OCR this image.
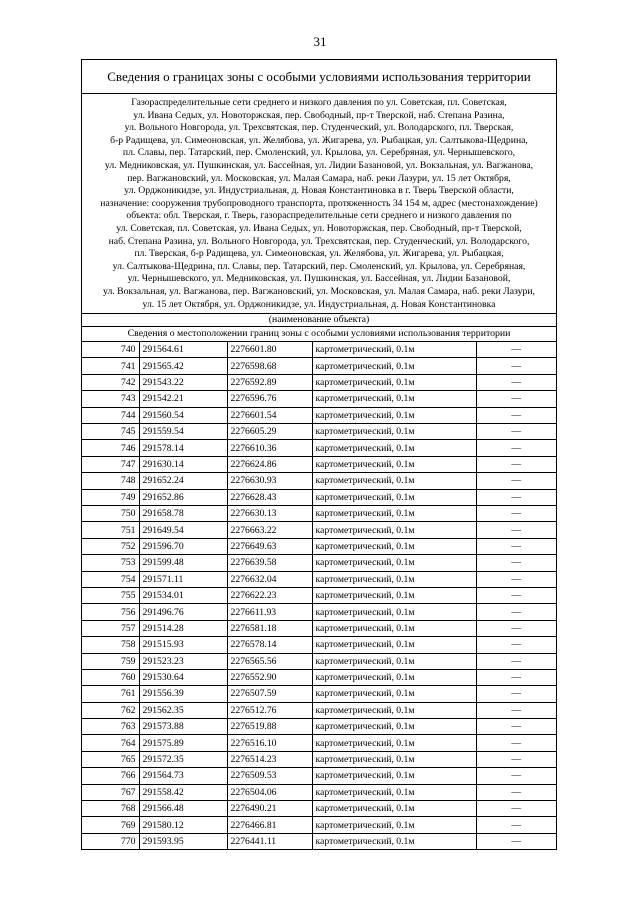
31
Сведения о границах зоны с особыми условиями использования территории
Газораспределительные сети среднего и низкого давления по ул. Советская, пл. Советская,
ул. Ивана Седых, ул. Новоторжская, пер. Свободный, пр-т Тверской, наб. Степана Разина,
ул. Вольного Новгорода, ул. Трехсвятская, пер. Студенческий, ул. Володарского, пл. Тверская,
б-р Радищева, ул. Симеоновская, ул. Желябова, ул. Жигарева, ул. Рыбацкая, ул. Салтыкова-Щедрина,
пл. Славы, пер. Татарский, пер. Смоленский, ул. Крылова, ул. Серебряная, ул. Чернышевского,
ул. Медниковская, ул. Пушкинская, ул. Бассейная, ул. Лидии Базановой, ул. Вокзальная, ул. Вагжанова,
пер. Вагжановский, ул. Московская, ул. Малая Самара, наб. реки Лазури, ул. 15 лет Октября,
ул. Орджоникидзе, ул. Индустриальная, д. Новая Константиновка в г. Тверь Тверской области,
назначение: сооружения трубопроводного транспорта, протяженность 34 154 м, адрес (местонахождение)
объекта: обл. Тверская, г. Тверь, газораспределительные сети среднего и низкого давления по
ул. Советская, пл. Советская, ул. Ивана Седых, ул. Новоторжская, пер. Свободный, пр-т Тверской,
наб. Степана Разина, ул. Вольного Новгорода, ул. Трехсвятская, пер. Студенческий, ул. Володарского,
пл. Тверская, б-р Радищева, ул. Симеоновская, ул. Желябова, ул. Жигарева, ул. Рыбацкая,
ул. Салтыкова-Щедрина, пл. Славы, пер. Татарский, пер. Смоленский, ул. Крылова, ул. Серебряная,
ул. Чернышевского, ул. Медниковская, ул. Пушкинская, ул. Бассейная, ул. Лидии Базановой,
ул. Вокзальная, ул. Вагжанова, пер. Вагжановский, ул. Московская, ул. Малая Самара, наб. реки Лазури,
ул. 15 лет Октября, ул. Орджоникидзе, ул. Индустриальная, д. Новая Константиновка
(наименование объекта)
Сведения о местоположении границ зоны с особыми условиями использования территории
740	291564.61	2276601.80	картометрический, 0.1м	—
741	291565.42	2276598.68	картометрический, 0.1м	—
742	291543.22	2276592.89	картометрический, 0.1м	—
743	291542.21	2276596.76	картометрический, 0.1м	—
744	291560.54	2276601.54	картометрический, 0.1м	—
745	291559.54	2276605.29	картометрический, 0.1м	—
746	291578.14	2276610.36	картометрический, 0.1м	—
747	291630.14	2276624.86	картометрический, 0.1м	—
748	291652.24	2276630.93	картометрический, 0.1м	—
749	291652.86	2276628.43	картометрический, 0.1м	—
750	291658.78	2276630.13	картометрический, 0.1м	—
751	291649.54	2276663.22	картометрический, 0.1м	—
752	291596.70	2276649.63	картометрический, 0.1м	—
753	291599.48	2276639.58	картометрический, 0.1м	—
754	291571.11	2276632.04	картометрический, 0.1м	—
755	291534.01	2276622.23	картометрический, 0.1м	—
756	291496.76	2276611.93	картометрический, 0.1м	—
757	291514.28	2276581.18	картометрический, 0.1м	—
758	291515.93	2276578.14	картометрический, 0.1м	—
759	291523.23	2276565.56	картометрический, 0.1м	—
760	291530.64	2276552.90	картометрический, 0.1м	—
761	291556.39	2276507.59	картометрический, 0.1м	—
762	291562.35	2276512.76	картометрический, 0.1м	—
763	291573.88	2276519.88	картометрический, 0.1м	—
764	291575.89	2276516.10	картометрический, 0.1м	—
765	291572.35	2276514.23	картометрический, 0.1м	—
766	291564.73	2276509.53	картометрический, 0.1м	—
767	291558.42	2276504.06	картометрический, 0.1м	—
768	291566.48	2276490.21	картометрический, 0.1м	—
769	291580.12	2276466.81	картометрический, 0.1м	—
770	291593.95	2276441.11	картометрический, 0.1м	—
